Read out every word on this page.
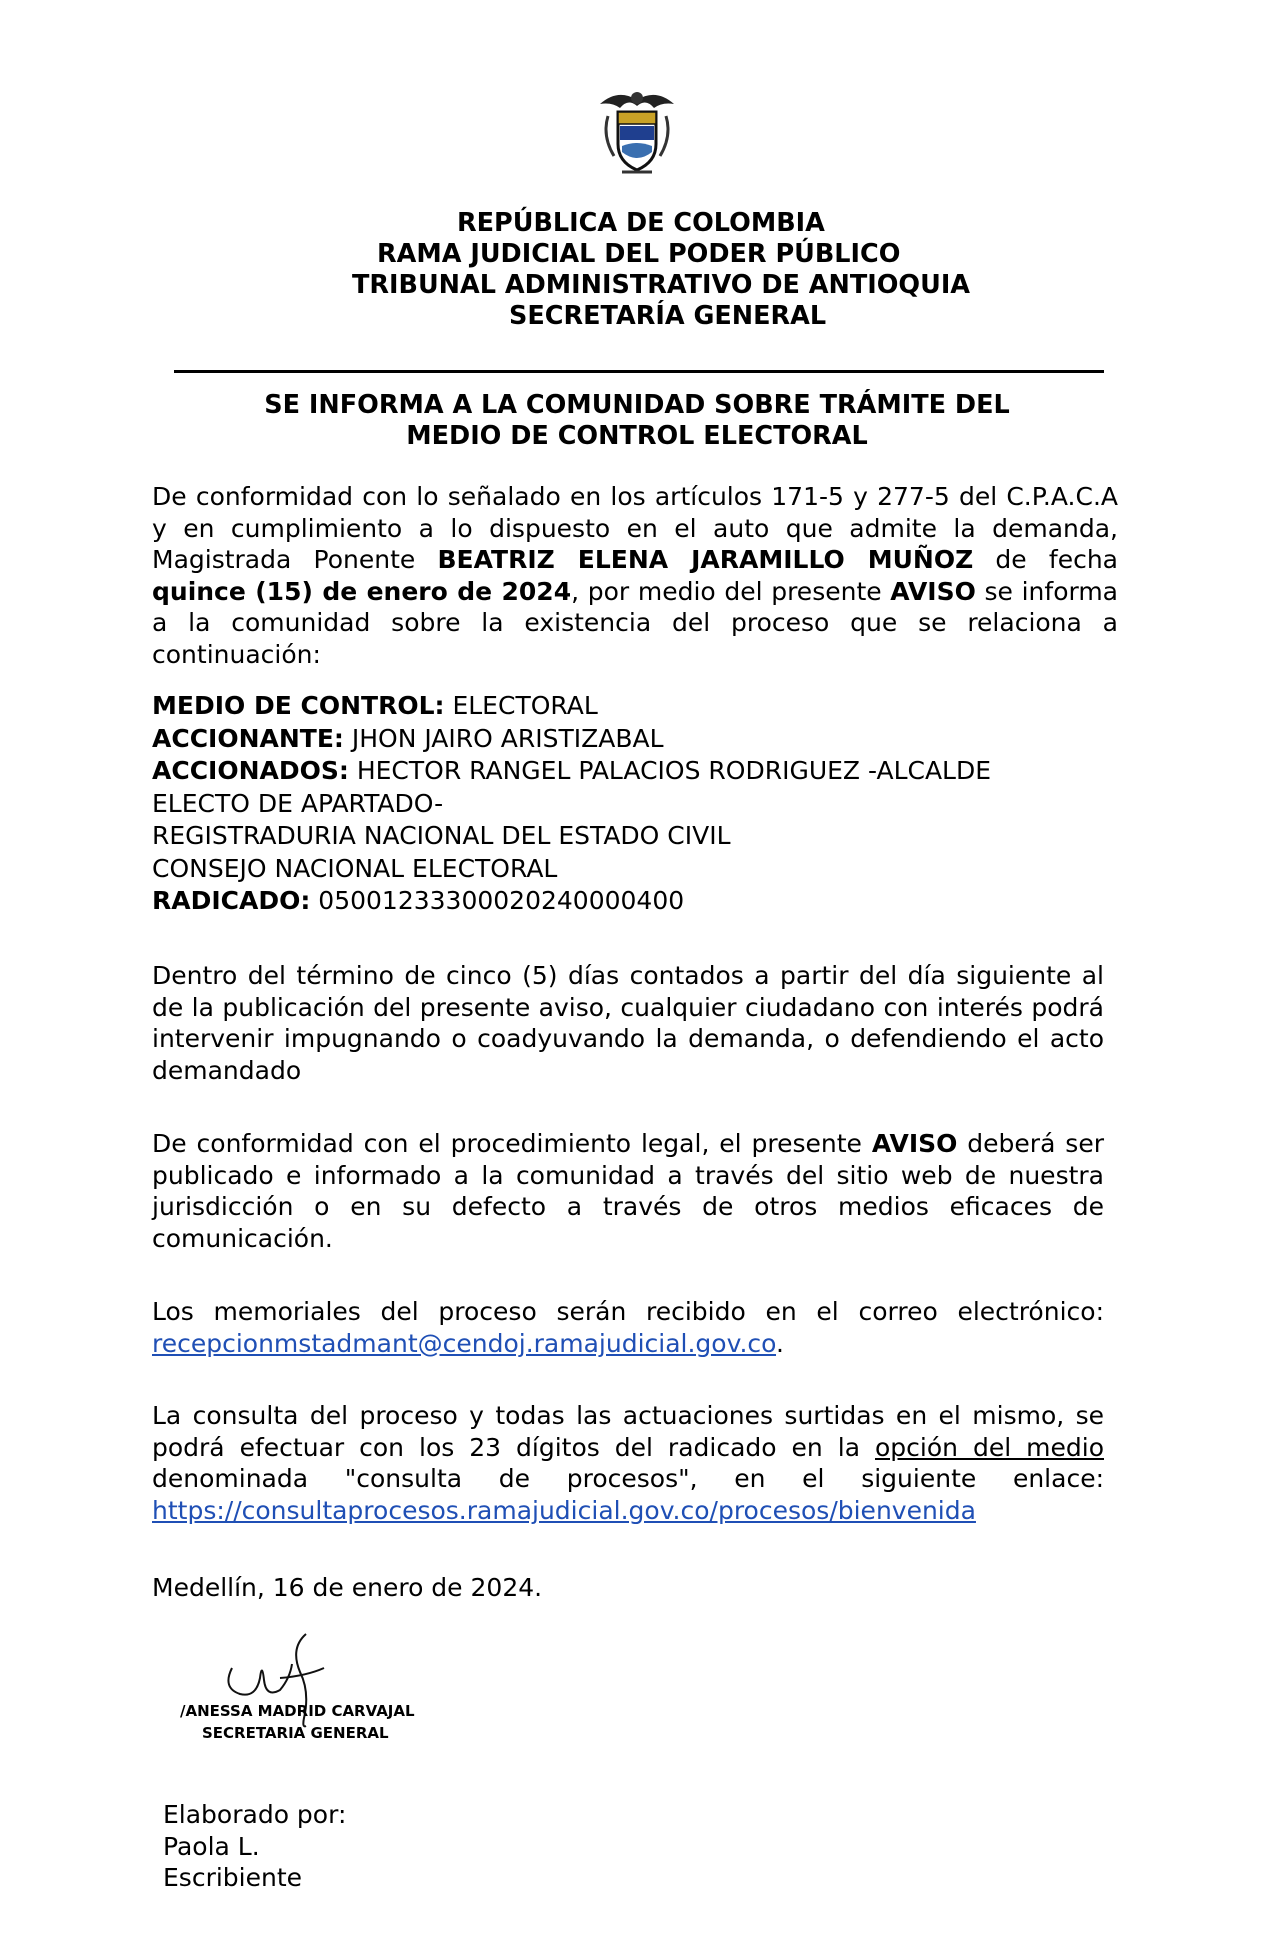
REPÚBLICA DE COLOMBIA
RAMA JUDICIAL DEL PODER PÚBLICO
TRIBUNAL ADMINISTRATIVO DE ANTIOQUIA
SECRETARÍA GENERAL
SE INFORMA A LA COMUNIDAD SOBRE TRÁMITE DEL
MEDIO DE CONTROL ELECTORAL
De conformidad con lo señalado en los artículos 171-5 y 277-5 del C.P.A.C.A y en cumplimiento a lo dispuesto en el auto que admite la demanda, Magistrada Ponente BEATRIZ ELENA JARAMILLO MUÑOZ de fecha quince (15) de enero de 2024, por medio del presente AVISO se informa a la comunidad sobre la existencia del proceso que se relaciona a continuación:
MEDIO DE CONTROL: ELECTORAL
ACCIONANTE: JHON JAIRO ARISTIZABAL
ACCIONADOS: HECTOR RANGEL PALACIOS RODRIGUEZ -ALCALDE
ELECTO DE APARTADO-
REGISTRADURIA NACIONAL DEL ESTADO CIVIL
CONSEJO NACIONAL ELECTORAL
RADICADO: 05001233300020240000400
Dentro del término de cinco (5) días contados a partir del día siguiente al de la publicación del presente aviso, cualquier ciudadano con interés podrá intervenir impugnando o coadyuvando la demanda, o defendiendo el acto demandado
De conformidad con el procedimiento legal, el presente AVISO deberá ser publicado e informado a la comunidad a través del sitio web de nuestra jurisdicción o en su defecto a través de otros medios eficaces de comunicación.
Los memoriales del proceso serán recibido en el correo electrónico: recepcionmstadmant@cendoj.ramajudicial.gov.co.
La consulta del proceso y todas las actuaciones surtidas en el mismo, se podrá efectuar con los 23 dígitos del radicado en la opción del medio denominada "consulta de procesos", en el siguiente enlace: https://consultaprocesos.ramajudicial.gov.co/procesos/bienvenida
Medellín, 16 de enero de 2024.
/ANESSA MADRID CARVAJAL
SECRETARIA GENERAL
Elaborado por:
Paola L.
Escribiente
